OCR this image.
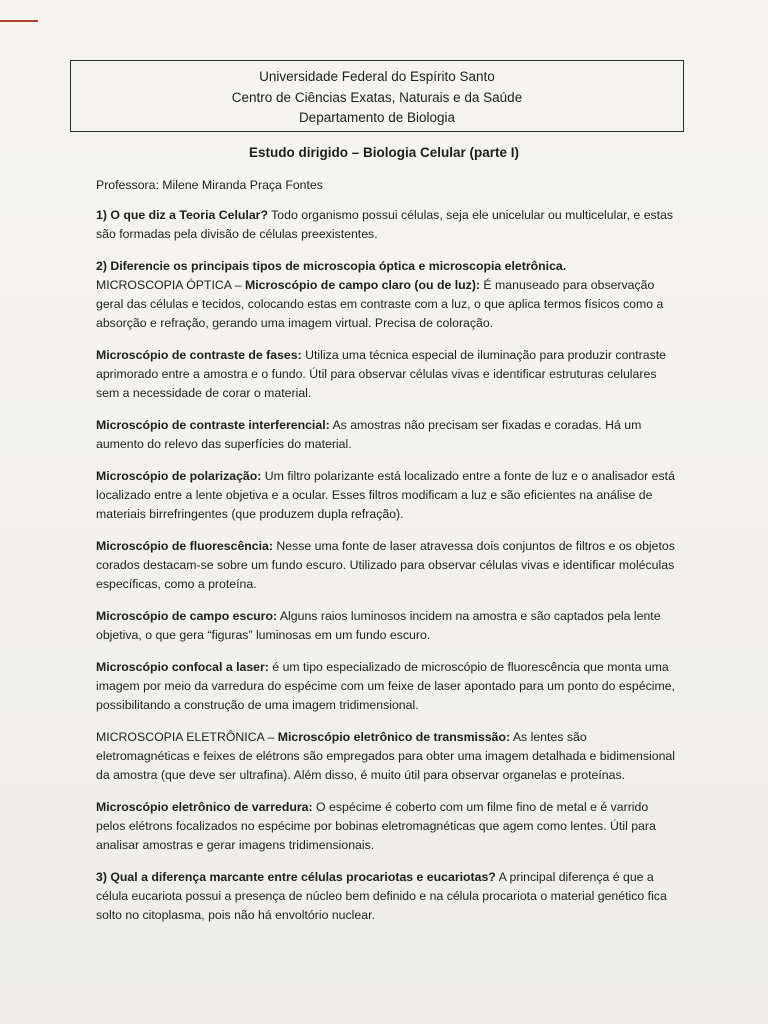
Universidade Federal do Espírito Santo
Centro de Ciências Exatas, Naturais e da Saúde
Departamento de Biologia
Estudo dirigido – Biologia Celular (parte I)

Professora: Milene Miranda Praça Fontes

1) O que diz a Teoria Celular? Todo organismo possui células, seja ele unicelular ou multicelular, e estas são formadas pela divisão de células preexistentes.

2) Diferencie os principais tipos de microscopia óptica e microscopia eletrônica.
MICROSCOPIA ÓPTICA – Microscópio de campo claro (ou de luz): É manuseado para observação geral das células e tecidos, colocando estas em contraste com a luz, o que aplica termos físicos como a absorção e refração, gerando uma imagem virtual. Precisa de coloração.

Microscópio de contraste de fases: Utiliza uma técnica especial de iluminação para produzir contraste aprimorado entre a amostra e o fundo. Útil para observar células vivas e identificar estruturas celulares sem a necessidade de corar o material.

Microscópio de contraste interferencial: As amostras não precisam ser fixadas e coradas. Há um aumento do relevo das superfícies do material.

Microscópio de polarização: Um filtro polarizante está localizado entre a fonte de luz e o analisador está localizado entre a lente objetiva e a ocular. Esses filtros modificam a luz e são eficientes na análise de materiais birrefringentes (que produzem dupla refração).

Microscópio de fluorescência: Nesse uma fonte de laser atravessa dois conjuntos de filtros e os objetos corados destacam-se sobre um fundo escuro. Utilizado para observar células vivas e identificar moléculas específicas, como a proteína.

Microscópio de campo escuro: Alguns raios luminosos incidem na amostra e são captados pela lente objetiva, o que gera “figuras” luminosas em um fundo escuro.

Microscópio confocal a laser: é um tipo especializado de microscópio de fluorescência que monta uma imagem por meio da varredura do espécime com um feixe de laser apontado para um ponto do espécime, possibilitando a construção de uma imagem tridimensional.

MICROSCOPIA ELETRÔNICA – Microscópio eletrônico de transmissão: As lentes são eletromagnéticas e feixes de elétrons são empregados para obter uma imagem detalhada e bidimensional da amostra (que deve ser ultrafina). Além disso, é muito útil para observar organelas e proteínas.

Microscópio eletrônico de varredura: O espécime é coberto com um filme fino de metal e é varrido pelos elétrons focalizados no espécime por bobinas eletromagnéticas que agem como lentes. Útil para analisar amostras e gerar imagens tridimensionais.

3) Qual a diferença marcante entre células procariotas e eucariotas? A principal diferença é que a célula eucariota possui a presença de núcleo bem definido e na célula procariota o material genético fica solto no citoplasma, pois não há envoltório nuclear.
